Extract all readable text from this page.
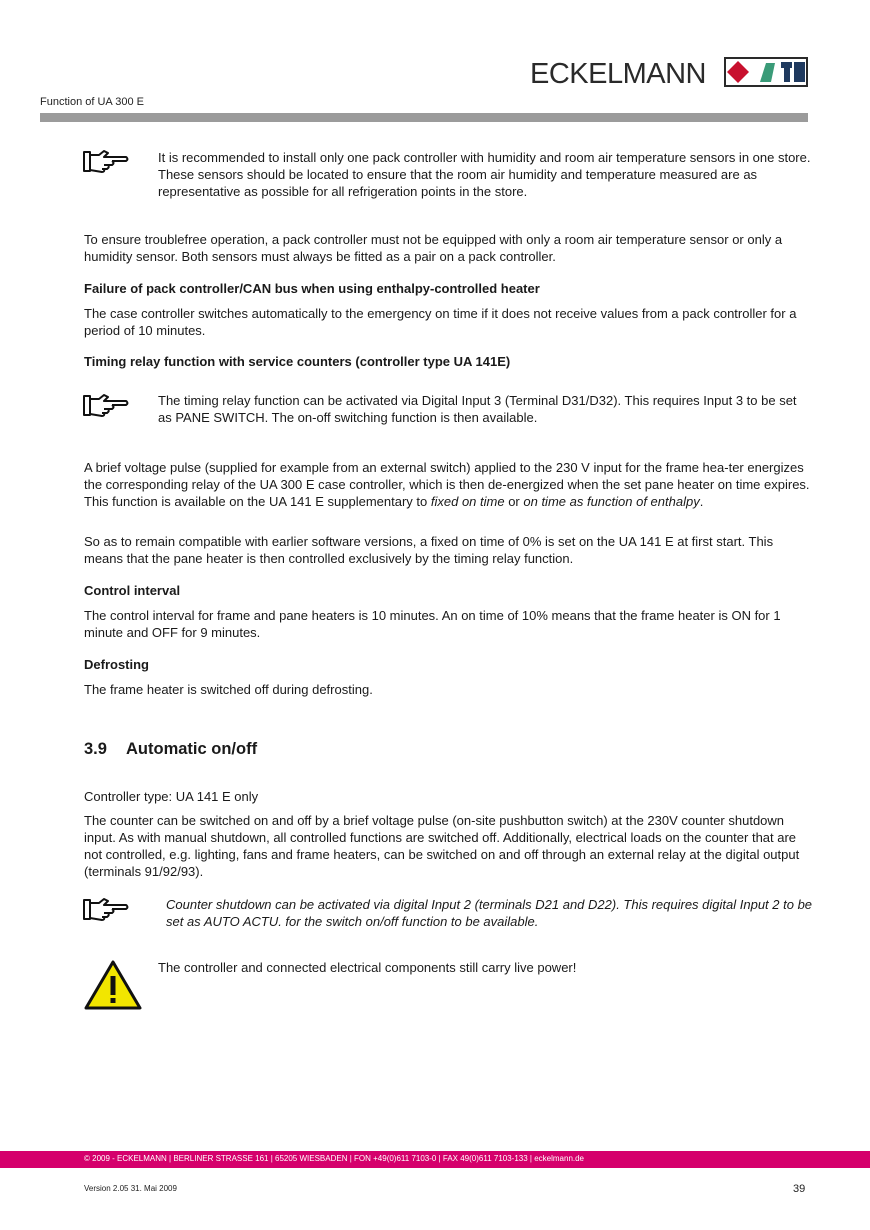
ECKELMANN
Function of UA 300 E
It is recommended to install only one pack controller with humidity and room air temperature sensors in one store. These sensors should be located to ensure that the room air humidity and temperature measured are as representative as possible for all refrigeration points in the store.
To ensure troublefree operation, a pack controller must not be equipped with only a room air temperature sensor or only a humidity sensor. Both sensors must always be fitted as a pair on a pack controller.
Failure of pack controller/CAN bus when using enthalpy-controlled heater
The case controller switches automatically to the emergency on time if it does not receive values from a pack controller for a period of 10 minutes.
Timing relay function with service counters (controller type UA 141E)
The timing relay function can be activated via Digital Input 3 (Terminal D31/D32). This requires Input 3 to be set as PANE SWITCH. The on-off switching function is then available.
A brief voltage pulse (supplied for example from an external switch) applied to the 230 V input for the frame hea-ter energizes the corresponding relay of the UA 300 E case controller, which is then de-energized when the set pane heater on time expires. This function is available on the UA 141 E supplementary to fixed on time or on time as function of enthalpy.
So as to remain compatible with earlier software versions, a fixed on time of 0% is set on the UA 141 E at first start. This means that the pane heater is then controlled exclusively by the timing relay function.
Control interval
The control interval for frame and pane heaters is 10 minutes. An on time of 10% means that the frame heater is ON for 1 minute and OFF for 9 minutes.
Defrosting
The frame heater is switched off during defrosting.
3.9 Automatic on/off
Controller type: UA 141 E only
The counter can be switched on and off by a brief voltage pulse (on-site pushbutton switch) at the 230V counter shutdown input. As with manual shutdown, all controlled functions are switched off. Additionally, electrical loads on the counter that are not controlled, e.g. lighting, fans and frame heaters, can be switched on and off through an external relay at the digital output (terminals 91/92/93).
Counter shutdown can be activated via digital Input 2 (terminals D21 and D22). This requires digital Input 2 to be set as AUTO ACTU. for the switch on/off function to be available.
The controller and connected electrical components still carry live power!
© 2009 - ECKELMANN | BERLINER STRASSE 161 | 65205 WIESBADEN | FON +49(0)611 7103-0 | FAX 49(0)611 7103-133 | eckelmann.de
Version 2.05 31. Mai 2009	39
